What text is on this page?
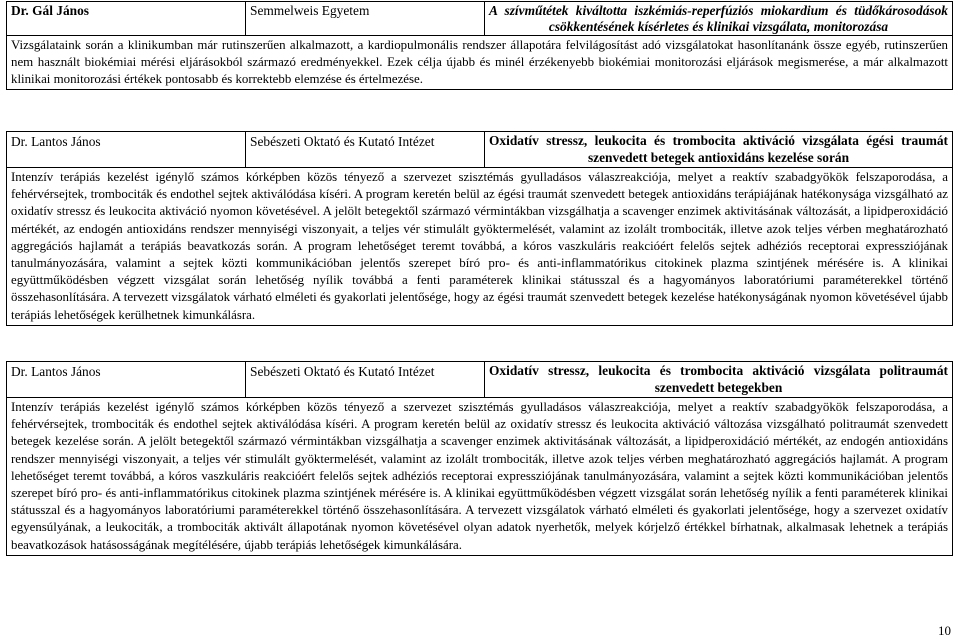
Dr. Gál János	Semmelweis Egyetem	A szívműtétek kiváltotta iszkémiás-reperfúziós miokardium és tüdőkárosodások csökkentésének kísérletes és klinikai vizsgálata, monitorozása
Vizsgálataink során a klinikumban már rutinszerűen alkalmazott, a kardiopulmonális rendszer állapotára felvilágosítást adó vizsgálatokat hasonlítanánk össze egyéb, rutinszerűen nem használt biokémiai mérési eljárásokból származó eredményekkel. Ezek célja újabb és minél érzékenyebb biokémiai monitorozási eljárások megismerése, a már alkalmazott klinikai monitorozási értékek pontosabb és korrektebb elemzése és értelmezése.
Dr. Lantos János	Sebészeti Oktató és Kutató Intézet	Oxidatív stressz, leukocita és trombocita aktiváció vizsgálata égési traumát szenvedett betegek antioxidáns kezelése során
Intenzív terápiás kezelést igénylő számos kórképben közös tényező a szervezet szisztémás gyulladásos válaszreakciója, melyet a reaktív szabadgyökök felszaporodása, a fehérvérsejtek, trombociták és endothel sejtek aktiválódása kíséri. A program keretén belül az égési traumát szenvedett betegek antioxidáns terápiájának hatékonysága vizsgálható az oxidatív stressz és leukocita aktiváció nyomon követésével. A jelölt betegektől származó vérmintákban vizsgálhatja a scavenger enzimek aktivitásának változását, a lipidperoxidáció mértékét, az endogén antioxidáns rendszer mennyiségi viszonyait, a teljes vér stimulált gyöktermelését, valamint az izolált trombociták, illetve azok teljes vérben meghatározható aggregációs hajlamát a terápiás beavatkozás során. A program lehetőséget teremt továbbá, a kóros vaszkuláris reakcióért felelős sejtek adhéziós receptorai expressziójának tanulmányozására, valamint a sejtek közti kommunikációban jelentős szerepet bíró pro- és anti-inflammatórikus citokinek plazma szintjének mérésére is. A klinikai együttműködésben végzett vizsgálat során lehetőség nyílik továbbá a fenti paraméterek klinikai státusszal és a hagyományos laboratóriumi paraméterekkel történő összehasonlítására. A tervezett vizsgálatok várható elméleti és gyakorlati jelentősége, hogy az égési traumát szenvedett betegek kezelése hatékonyságának nyomon követésével újabb terápiás lehetőségek kerülhetnek kimunkálásra.
Dr. Lantos János	Sebészeti Oktató és Kutató Intézet	Oxidatív stressz, leukocita és trombocita aktiváció vizsgálata politraumát szenvedett betegekben
Intenzív terápiás kezelést igénylő számos kórképben közös tényező a szervezet szisztémás gyulladásos válaszreakciója, melyet a reaktív szabadgyökök felszaporodása, a fehérvérsejtek, trombociták és endothel sejtek aktiválódása kíséri. A program keretén belül az oxidatív stressz és leukocita aktiváció változása vizsgálható politraumát szenvedett betegek kezelése során. A jelölt betegektől származó vérmintákban vizsgálhatja a scavenger enzimek aktivitásának változását, a lipidperoxidáció mértékét, az endogén antioxidáns rendszer mennyiségi viszonyait, a teljes vér stimulált gyöktermelését, valamint az izolált trombociták, illetve azok teljes vérben meghatározható aggregációs hajlamát. A program lehetőséget teremt továbbá, a kóros vaszkuláris reakcióért felelős sejtek adhéziós receptorai expressziójának tanulmányozására, valamint a sejtek közti kommunikációban jelentős szerepet bíró pro- és anti-inflammatórikus citokinek plazma szintjének mérésére is. A klinikai együttműködésben végzett vizsgálat során lehetőség nyílik a fenti paraméterek klinikai státusszal és a hagyományos laboratóriumi paraméterekkel történő összehasonlítására. A tervezett vizsgálatok várható elméleti és gyakorlati jelentősége, hogy a szervezet oxidatív egyensúlyának, a leukociták, a trombociták aktivált állapotának nyomon követésével olyan adatok nyerhetők, melyek kórjelző értékkel bírhatnak, alkalmasak lehetnek a terápiás beavatkozások hatásosságának megítélésére, újabb terápiás lehetőségek kimunkálására.
10
